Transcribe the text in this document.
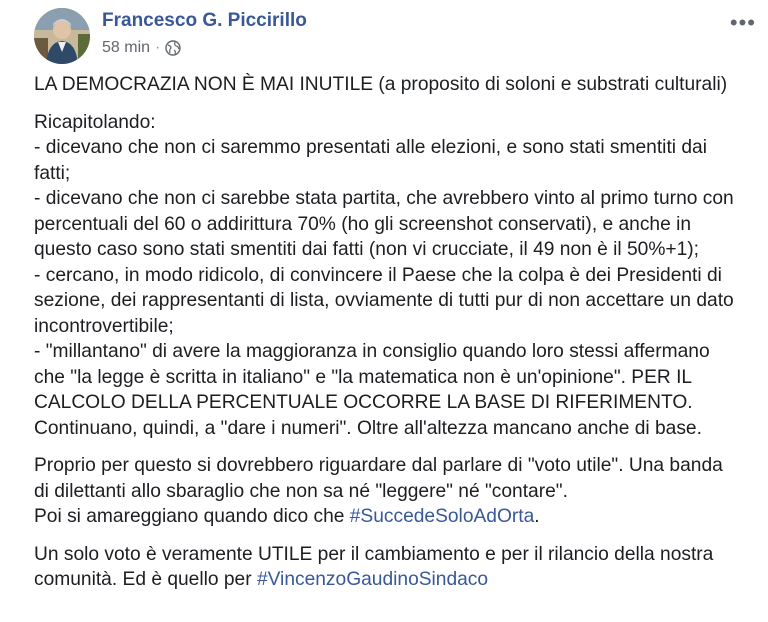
Francesco G. Piccirillo
58 min ·
•••

LA DEMOCRAZIA NON È MAI INUTILE (a proposito di soloni e substrati culturali)

Ricapitolando:
- dicevano che non ci saremmo presentati alle elezioni, e sono stati smentiti dai
fatti;
- dicevano che non ci sarebbe stata partita, che avrebbero vinto al primo turno con
percentuali del 60 o addirittura 70% (ho gli screenshot conservati), e anche in
questo caso sono stati smentiti dai fatti (non vi crucciate, il 49 non è il 50%+1);
- cercano, in modo ridicolo, di convincere il Paese che la colpa è dei Presidenti di
sezione, dei rappresentanti di lista, ovviamente di tutti pur di non accettare un dato
incontrovertibile;
- "millantano" di avere la maggioranza in consiglio quando loro stessi affermano
che "la legge è scritta in italiano" e "la matematica non è un'opinione". PER IL
CALCOLO DELLA PERCENTUALE OCCORRE LA BASE DI RIFERIMENTO.
Continuano, quindi, a "dare i numeri". Oltre all'altezza mancano anche di base.

Proprio per questo si dovrebbero riguardare dal parlare di "voto utile". Una banda
di dilettanti allo sbaraglio che non sa né "leggere" né "contare".
Poi si amareggiano quando dico che #SuccedeSoloAdOrta.

Un solo voto è veramente UTILE per il cambiamento e per il rilancio della nostra
comunità. Ed è quello per #VincenzoGaudinoSindaco
